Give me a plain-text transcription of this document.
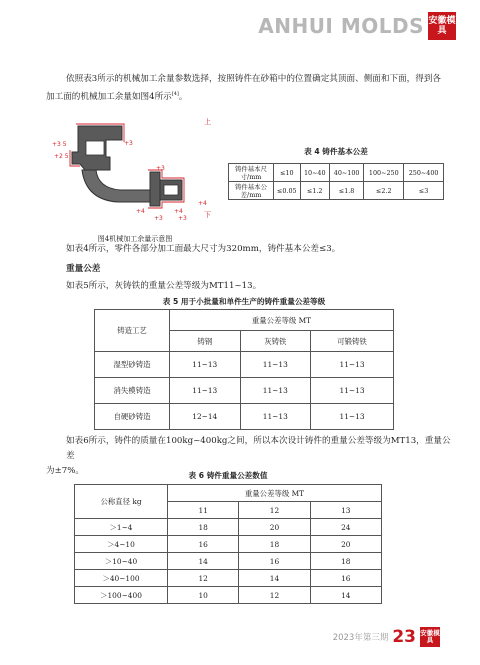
ANHUI MOLDS 安徽模具
依照表3所示的机械加工余量参数选择，按照铸件在砂箱中的位置确定其顶面、侧面和下面，得到各
加工面的机械加工余量如图4所示[4]。
+3 5	+3
+2 5
+3
+4
+3
+4
+3
+4
上
下
图4机械加工余量示意图
表 4 铸件基本公差
铸件基本尺寸/mm	≤10	10~40	40~100	100~250	250~400
铸件基本公差/mm	≤0.05	≤1.2	≤1.8	≤2.2	≤3
如表4所示，零件各部分加工面最大尺寸为320mm，铸件基本公差≤3。
重量公差
如表5所示，灰铸铁的重量公差等级为MT11~13。
表 5 用于小批量和单件生产的铸件重量公差等级
铸造工艺	重量公差等级 MT		
	铸钢	灰铸铁	可锻铸铁
湿型砂铸造	11~13	11~13	11~13
消失模铸造	11~13	11~13	11~13
自硬砂铸造	12~14	11~13	11~13
如表6所示，铸件的质量在100kg~400kg之间，所以本次设计铸件的重量公差等级为MT13，重量公差
为±7%。	表 6 铸件重量公差数值
公称直径 kg	重量公差等级 MT		
	11	12	13
＞1~4	18	20	24
＞4~10	16	18	20
＞10~40	14	16	18
＞40~100	12	14	16
＞100~400	10	12	14
2023年第三期 23 安徽模具
